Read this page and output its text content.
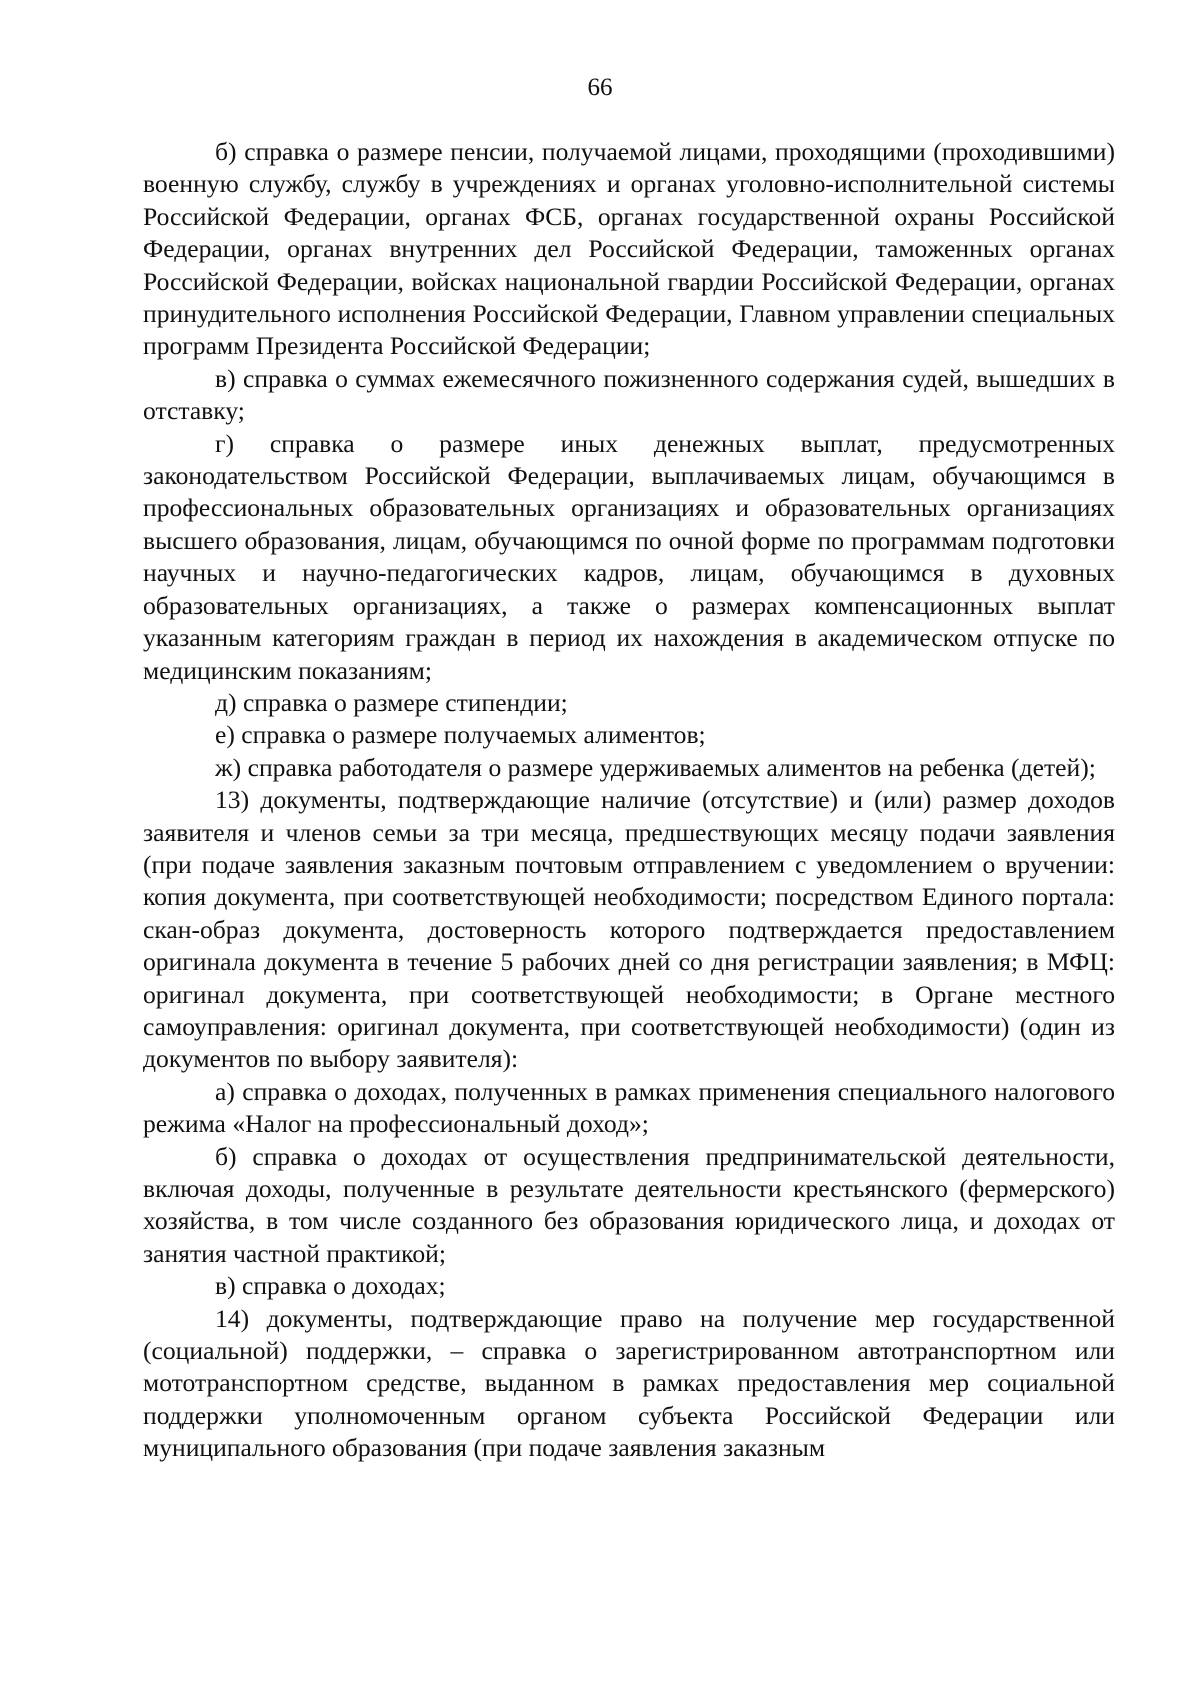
66

б) справка о размере пенсии, получаемой лицами, проходящими (проходившими) военную службу, службу в учреждениях и органах уголовно-исполнительной системы Российской Федерации, органах ФСБ, органах государственной охраны Российской Федерации, органах внутренних дел Российской Федерации, таможенных органах Российской Федерации, войсках национальной гвардии Российской Федерации, органах принудительного исполнения Российской Федерации, Главном управлении специальных программ Президента Российской Федерации;

в) справка о суммах ежемесячного пожизненного содержания судей, вышедших в отставку;

г) справка о размере иных денежных выплат, предусмотренных законодательством Российской Федерации, выплачиваемых лицам, обучающимся в профессиональных образовательных организациях и образовательных организациях высшего образования, лицам, обучающимся по очной форме по программам подготовки научных и научно-педагогических кадров, лицам, обучающимся в духовных образовательных организациях, а также о размерах компенсационных выплат указанным категориям граждан в период их нахождения в академическом отпуске по медицинским показаниям;

д) справка о размере стипендии;

е) справка о размере получаемых алиментов;

ж) справка работодателя о размере удерживаемых алиментов на ребенка (детей);

13) документы, подтверждающие наличие (отсутствие) и (или) размер доходов заявителя и членов семьи за три месяца, предшествующих месяцу подачи заявления (при подаче заявления заказным почтовым отправлением с уведомлением о вручении: копия документа, при соответствующей необходимости; посредством Единого портала: скан-образ документа, достоверность которого подтверждается предоставлением оригинала документа в течение 5 рабочих дней со дня регистрации заявления; в МФЦ: оригинал документа, при соответствующей необходимости; в Органе местного самоуправления: оригинал документа, при соответствующей необходимости) (один из документов по выбору заявителя):

а) справка о доходах, полученных в рамках применения специального налогового режима «Налог на профессиональный доход»;

б) справка о доходах от осуществления предпринимательской деятельности, включая доходы, полученные в результате деятельности крестьянского (фермерского) хозяйства, в том числе созданного без образования юридического лица, и доходах от занятия частной практикой;

в) справка о доходах;

14) документы, подтверждающие право на получение мер государственной (социальной) поддержки, – справка о зарегистрированном автотранспортном или мототранспортном средстве, выданном в рамках предоставления мер социальной поддержки уполномоченным органом субъекта Российской Федерации или муниципального образования (при подаче заявления заказным
